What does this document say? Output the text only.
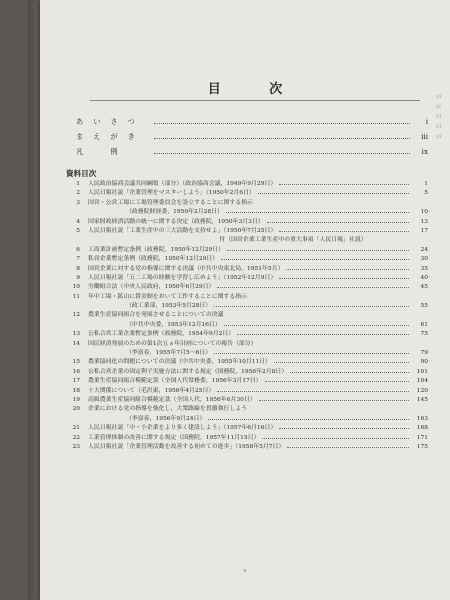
81 iii 01 01 81
目	次
あいさつ	i
まえがき	iii
凡　例	ix
資料目次
1 人民政治協商会議共同綱領（部分）（政治協商会議，1949年9月29日）	1
2 人民日報社説「企業管理をマスターしよう」（1950年2月6日）	5
3 国営・公営工場に工場管理委員会を設立することに関する指示
（政務院財経委，1950年2月28日）	10
4 国家財政経済活動の統一に関する決定（政務院，1950年3月3日）	13
5 人民日報社説「工業生産中の三大活動を支持せよ」（1950年7月25日）	17
付（国営企業工業生産中の重大事項「人民日報」社説）
6 工商業計画暫定条例（政務院，1950年12月29日）	24
7 私営企業暫定条例（政務院，1950年12月29日）	30
8 国営企業に対する党の指導に関する決議（中共中央東北局，1951年5月）	35
9 人民日報社説「五二工場の経験を学習し広めよう」（1952年12月9日）	40
10 労働組合法（中央人民政府，1950年6月29日）	45
11 年中工場・鉱山に賃金制をおいて工作することに関する指示
（政工業部，1953年5月28日）	55
12 農業生産協同組合を発展させることについての決議
（中共中央委，1953年12月16日）	61
13 公私合営工業企業暫定条例（政務院，1954年9月2日）	75
14 国民経済発展のための第1次五ヵ年計画についての報告（部分）
（李富春，1955年7月5〜6日）	79
15 農業協同化の問題についての決議（中共中央委，1955年10月11日）	90
16 公私合営企業の固定利子実施方法に関する規定（国務院，1956年2月8日）	101
17 農業生産協同組合模範定款（全国人代常務委，1956年3月17日）	104
18 十大関係について（毛沢東，1956年4月25日）	120
19 高級農業生産協同組合模範定款（全国人代，1956年6月30日）	145
20 企業における党の指導を強化し，大衆路線を貫徹執行しよう
（李富春，1956年9月24日）	163
21 人民日報社説「中・小企業をより多く建設しよう」（1957年6月16日）	168
22 工業管理体制の改善に関する規定（国務院，1957年11月15日）	171
23 人民日報社説「企業管理活動を改善する初めての進歩」（1958年5月7日）	175
v
